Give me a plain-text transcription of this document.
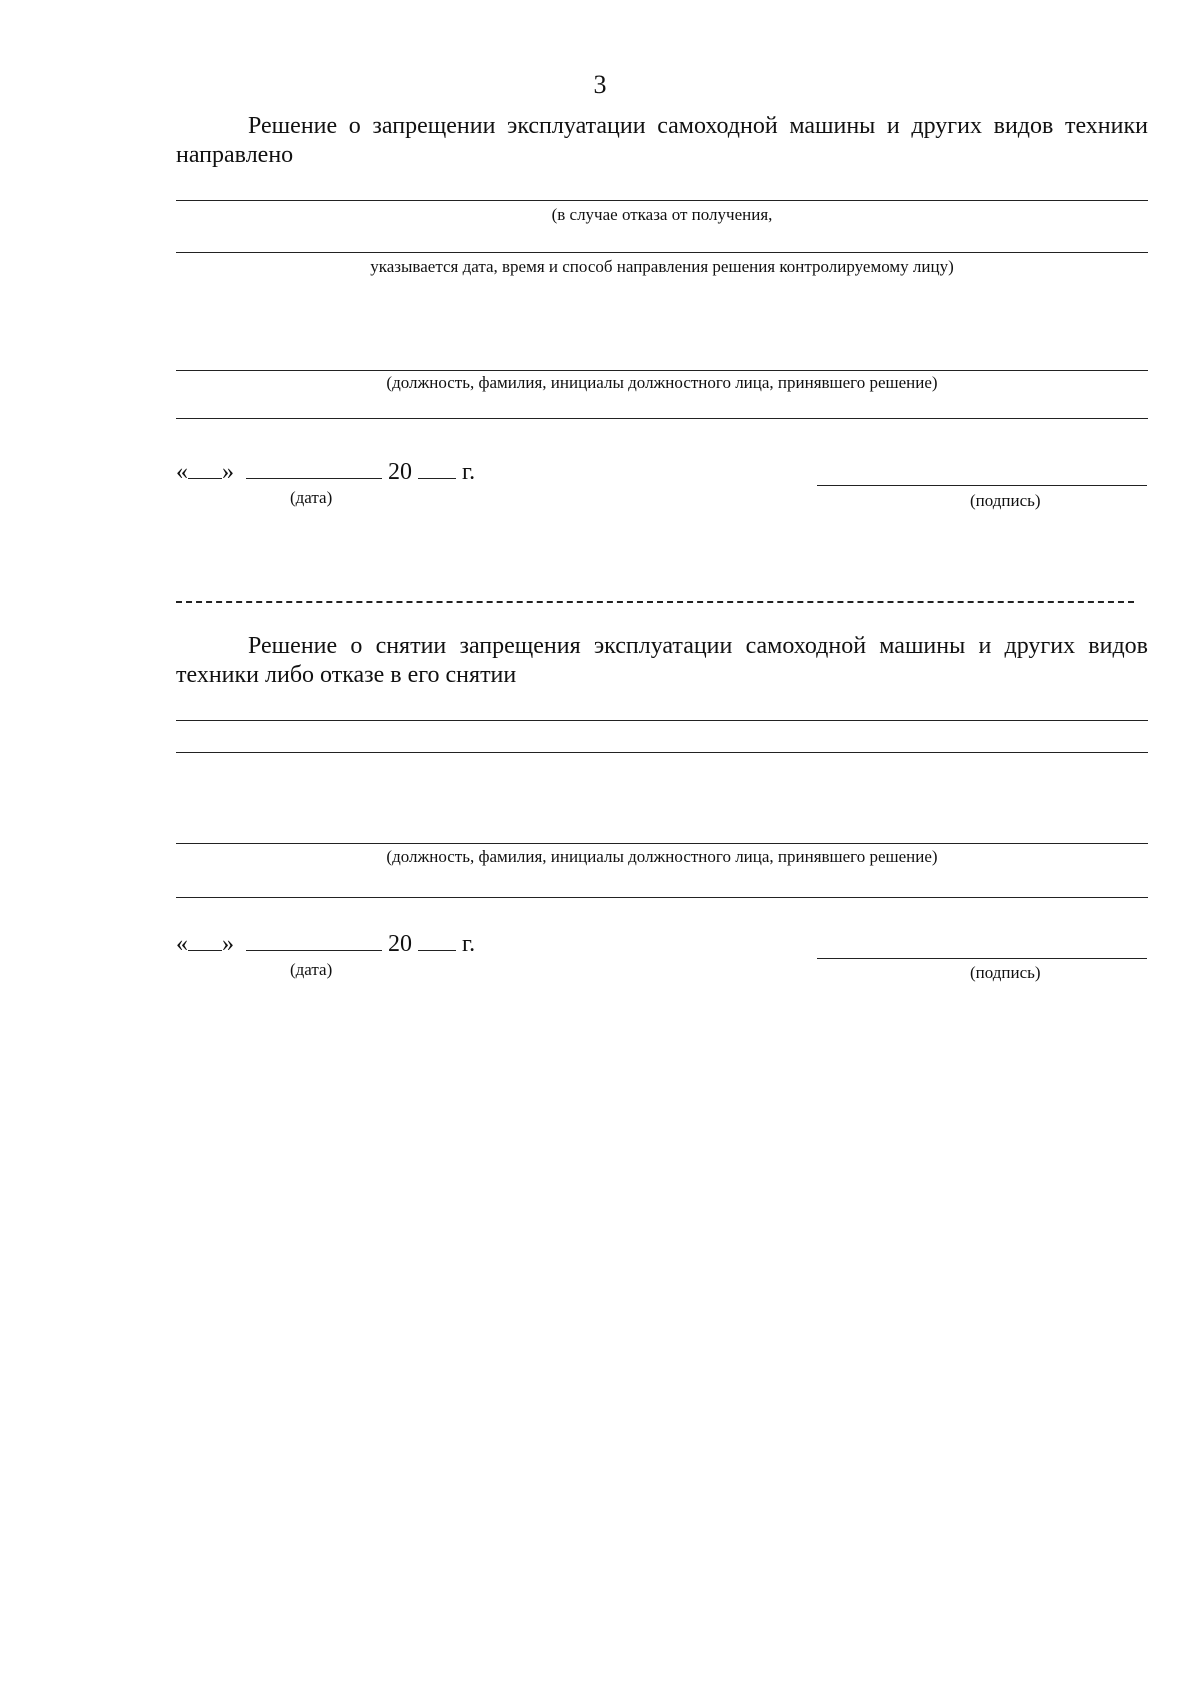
3

Решение о запрещении эксплуатации самоходной машины и других видов техники направлено

(в случае отказа от получения,
указывается дата, время и способ направления решения контролируемому лицу)
(должность, фамилия, инициалы должностного лица, принявшего решение)
« »	20 г.
(дата)	(подпись)

Решение о снятии запрещения эксплуатации самоходной машины и других видов техники либо отказе в его снятии

(должность, фамилия, инициалы должностного лица, принявшего решение)
« »	20 г.
(дата)	(подпись)
